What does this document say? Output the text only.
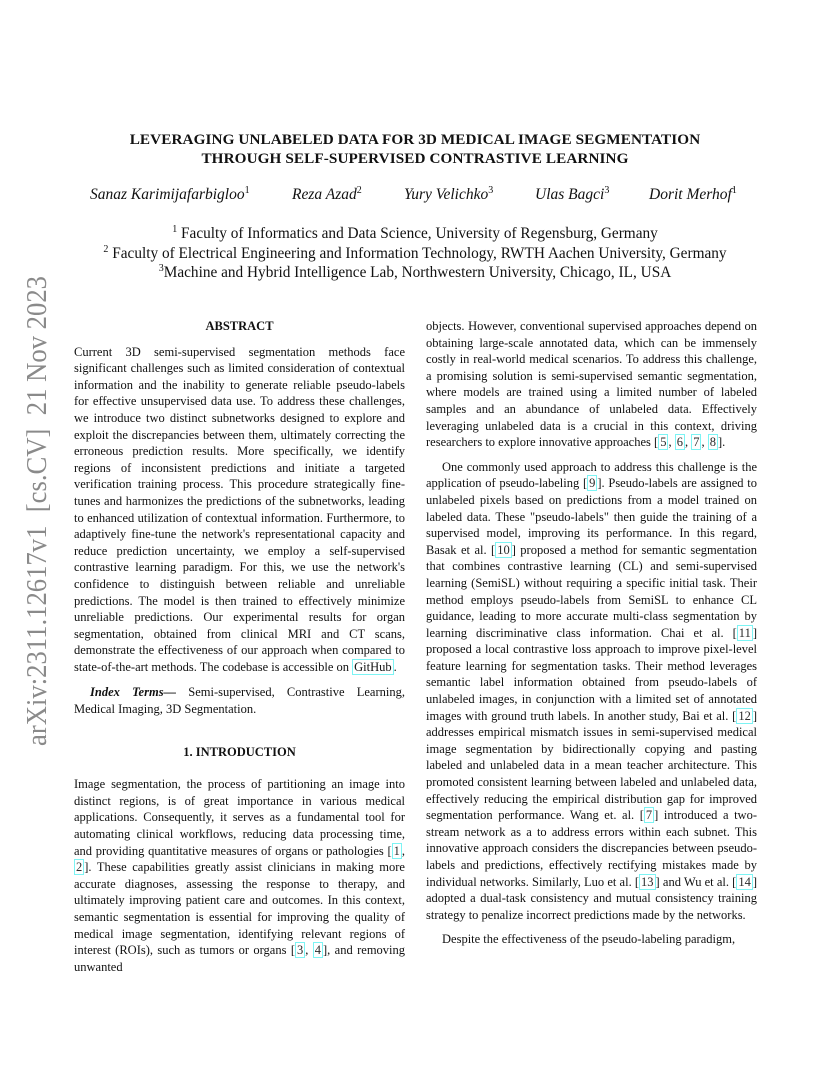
arXiv:2311.12617v1  [cs.CV]  21 Nov 2023
LEVERAGING UNLABELED DATA FOR 3D MEDICAL IMAGE SEGMENTATION
THROUGH SELF-SUPERVISED CONTRASTIVE LEARNING
Sanaz Karimijafarbigloo$^1$	Reza Azad$^2$	Yury Velichko$^3$	Ulas Bagci$^3$	Dorit Merhof$^1$
$^1$ Faculty of Informatics and Data Science, University of Regensburg, Germany
$^2$ Faculty of Electrical Engineering and Information Technology, RWTH Aachen University, Germany
$^3$Machine and Hybrid Intelligence Lab, Northwestern University, Chicago, IL, USA

ABSTRACT

Current 3D semi-supervised segmentation methods face significant challenges such as limited consideration of contextual information and the inability to generate reliable pseudo-labels for effective unsupervised data use. To address these challenges, we introduce two distinct subnetworks designed to explore and exploit the discrepancies between them, ultimately correcting the erroneous prediction results. More specifically, we identify regions of inconsistent predictions and initiate a targeted verification training process. This procedure strategically fine-tunes and harmonizes the predictions of the subnetworks, leading to enhanced utilization of contextual information. Furthermore, to adaptively fine-tune the network's representational capacity and reduce prediction uncertainty, we employ a self-supervised contrastive learning paradigm. For this, we use the network's confidence to distinguish between reliable and unreliable predictions. The model is then trained to effectively minimize unreliable predictions. Our experimental results for organ segmentation, obtained from clinical MRI and CT scans, demonstrate the effectiveness of our approach when compared to state-of-the-art methods. The codebase is accessible on GitHub .

Index Terms— Semi-supervised, Contrastive Learning, Medical Imaging, 3D Segmentation.

1. INTRODUCTION

Image segmentation, the process of partitioning an image into distinct regions, is of great importance in various medical applications. Consequently, it serves as a fundamental tool for automating clinical workflows, reducing data processing time, and providing quantitative measures of organs or pathologies [ 1 , 2 ]. These capabilities greatly assist clinicians in making more accurate diagnoses, assessing the response to therapy, and ultimately improving patient care and outcomes. In this context, semantic segmentation is essential for improving the quality of medical image segmentation, identifying relevant regions of interest (ROIs), such as tumors or organs [ 3 , 4 ], and removing unwanted

objects. However, conventional supervised approaches depend on obtaining large-scale annotated data, which can be immensely costly in real-world medical scenarios. To address this challenge, a promising solution is semi-supervised semantic segmentation, where models are trained using a limited number of labeled samples and an abundance of unlabeled data. Effectively leveraging unlabeled data is a crucial in this context, driving researchers to explore innovative approaches [ 5 , 6 , 7 , 8 ].

One commonly used approach to address this challenge is the application of pseudo-labeling [ 9 ]. Pseudo-labels are assigned to unlabeled pixels based on predictions from a model trained on labeled data. These "pseudo-labels" then guide the training of a supervised model, improving its performance. In this regard, Basak et al. [ 10 ] proposed a method for semantic segmentation that combines contrastive learning (CL) and semi-supervised learning (SemiSL) without requiring a specific initial task. Their method employs pseudo-labels from SemiSL to enhance CL guidance, leading to more accurate multi-class segmentation by learning discriminative class information. Chai et al. [ 11 ] proposed a local contrastive loss approach to improve pixel-level feature learning for segmentation tasks. Their method leverages semantic label information obtained from pseudo-labels of unlabeled images, in conjunction with a limited set of annotated images with ground truth labels. In another study, Bai et al. [ 12 ] addresses empirical mismatch issues in semi-supervised medical image segmentation by bidirectionally copying and pasting labeled and unlabeled data in a mean teacher architecture. This promoted consistent learning between labeled and unlabeled data, effectively reducing the empirical distribution gap for improved segmentation performance. Wang et. al. [ 7 ] introduced a two-stream network as a to address errors within each subnet. This innovative approach considers the discrepancies between pseudo-labels and predictions, effectively rectifying mistakes made by individual networks. Similarly, Luo et al. [ 13 ] and Wu et al. [ 14 ] adopted a dual-task consistency and mutual consistency training strategy to penalize incorrect predictions made by the networks.

Despite the effectiveness of the pseudo-labeling paradigm,
